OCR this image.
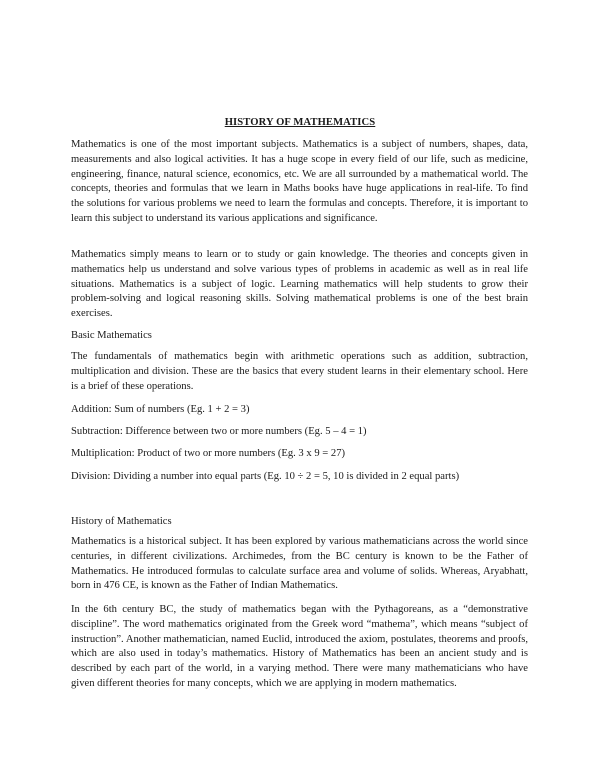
HISTORY OF MATHEMATICS

Mathematics is one of the most important subjects. Mathematics is a subject of numbers, shapes, data, measurements and also logical activities. It has a huge scope in every field of our life, such as medicine, engineering, finance, natural science, economics, etc. We are all surrounded by a mathematical world. The concepts, theories and formulas that we learn in Maths books have huge applications in real-life. To find the solutions for various problems we need to learn the formulas and concepts. Therefore, it is important to learn this subject to understand its various applications and significance.

Mathematics simply means to learn or to study or gain knowledge. The theories and concepts given in mathematics help us understand and solve various types of problems in academic as well as in real life situations. Mathematics is a subject of logic. Learning mathematics will help students to grow their problem-solving and logical reasoning skills. Solving mathematical problems is one of the best brain exercises.

Basic Mathematics

The fundamentals of mathematics begin with arithmetic operations such as addition, subtraction, multiplication and division. These are the basics that every student learns in their elementary school. Here is a brief of these operations.

Addition: Sum of numbers (Eg. 1 + 2 = 3)

Subtraction: Difference between two or more numbers (Eg. 5 – 4 = 1)

Multiplication: Product of two or more numbers (Eg. 3 x 9 = 27)

Division: Dividing a number into equal parts (Eg. 10 ÷ 2 = 5, 10 is divided in 2 equal parts)

History of Mathematics

Mathematics is a historical subject. It has been explored by various mathematicians across the world since centuries, in different civilizations. Archimedes, from the BC century is known to be the Father of Mathematics. He introduced formulas to calculate surface area and volume of solids. Whereas, Aryabhatt, born in 476 CE, is known as the Father of Indian Mathematics.

In the 6th century BC, the study of mathematics began with the Pythagoreans, as a “demonstrative discipline”. The word mathematics originated from the Greek word “mathema”, which means “subject of instruction”. Another mathematician, named Euclid, introduced the axiom, postulates, theorems and proofs, which are also used in today’s mathematics. History of Mathematics has been an ancient study and is described by each part of the world, in a varying method. There were many mathematicians who have given different theories for many concepts, which we are applying in modern mathematics.
